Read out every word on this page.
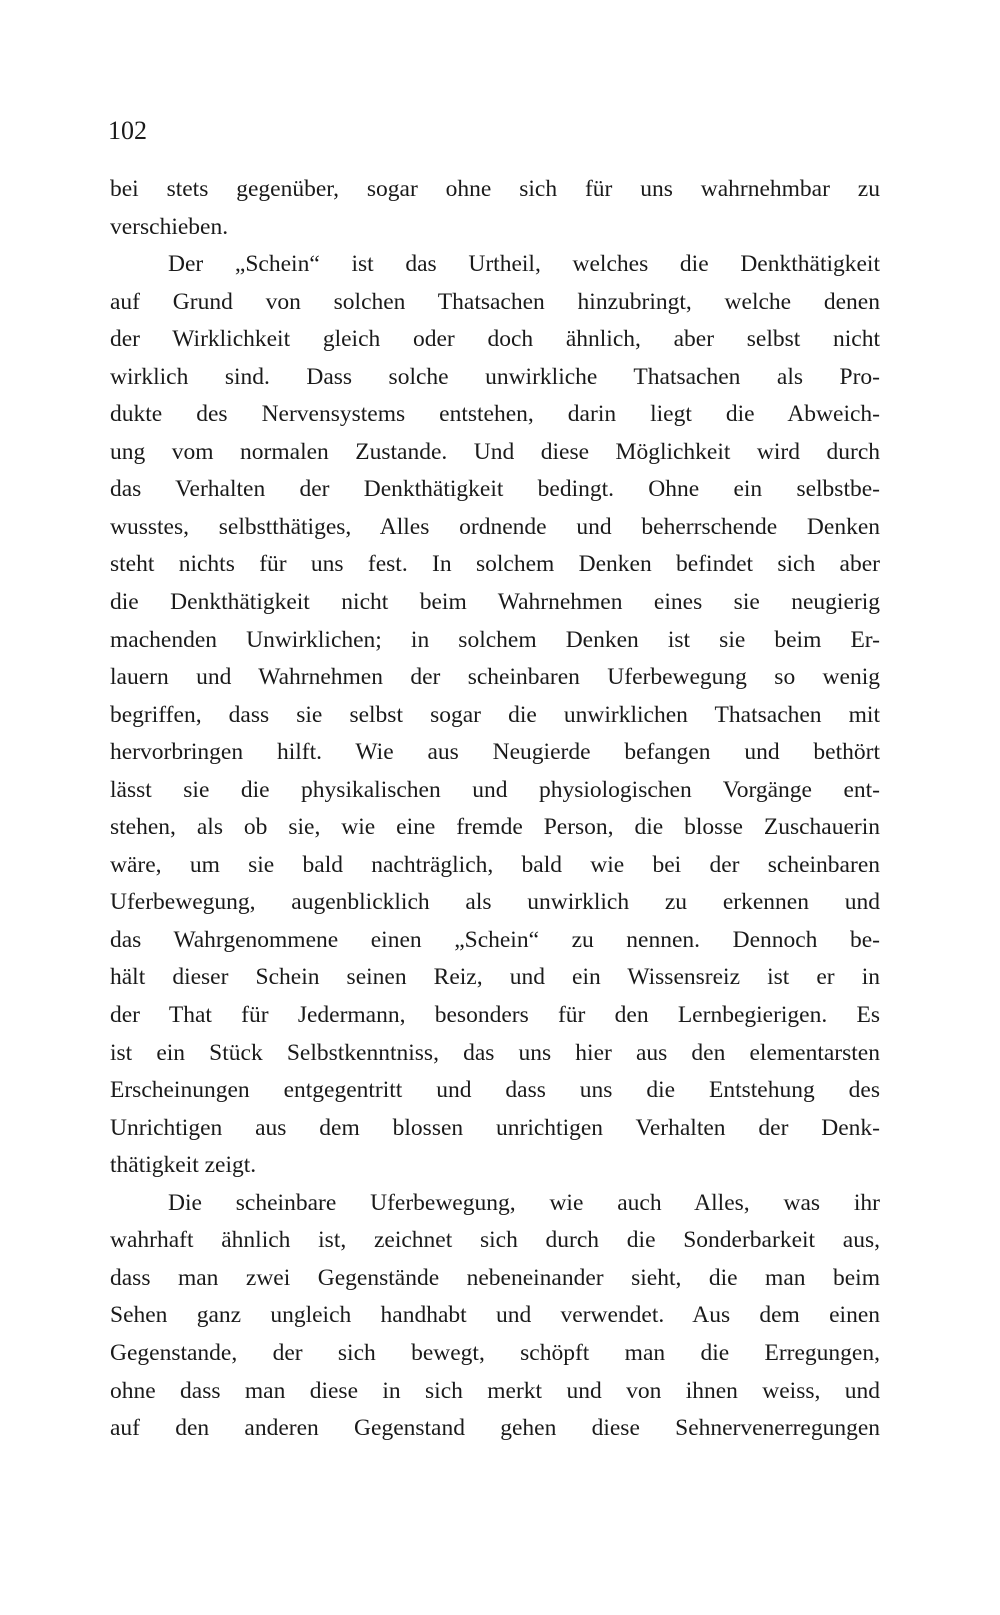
102
bei stets gegenüber, sogar ohne sich für uns wahrnehmbar zu
verschieben.
Der „Schein“ ist das Urtheil, welches die Denkthätigkeit
auf Grund von solchen Thatsachen hinzubringt, welche denen
der Wirklichkeit gleich oder doch ähnlich, aber selbst nicht
wirklich sind. Dass solche unwirkliche Thatsachen als Pro-
dukte des Nervensystems entstehen, darin liegt die Abweich-
ung vom normalen Zustande. Und diese Möglichkeit wird durch
das Verhalten der Denkthätigkeit bedingt. Ohne ein selbstbe-
wusstes, selbstthätiges, Alles ordnende und beherrschende Denken
steht nichts für uns fest. In solchem Denken befindet sich aber
die Denkthätigkeit nicht beim Wahrnehmen eines sie neugierig
machenden Unwirklichen; in solchem Denken ist sie beim Er-
lauern und Wahrnehmen der scheinbaren Uferbewegung so wenig
begriffen, dass sie selbst sogar die unwirklichen Thatsachen mit
hervorbringen hilft. Wie aus Neugierde befangen und bethört
lässt sie die physikalischen und physiologischen Vorgänge ent-
stehen, als ob sie, wie eine fremde Person, die blosse Zuschauerin
wäre, um sie bald nachträglich, bald wie bei der scheinbaren
Uferbewegung, augenblicklich als unwirklich zu erkennen und
das Wahrgenommene einen „Schein“ zu nennen. Dennoch be-
hält dieser Schein seinen Reiz, und ein Wissensreiz ist er in
der That für Jedermann, besonders für den Lernbegierigen. Es
ist ein Stück Selbstkenntniss, das uns hier aus den elementarsten
Erscheinungen entgegentritt und dass uns die Entstehung des
Unrichtigen aus dem blossen unrichtigen Verhalten der Denk-
thätigkeit zeigt.
Die scheinbare Uferbewegung, wie auch Alles, was ihr
wahrhaft ähnlich ist, zeichnet sich durch die Sonderbarkeit aus,
dass man zwei Gegenstände nebeneinander sieht, die man beim
Sehen ganz ungleich handhabt und verwendet. Aus dem einen
Gegenstande, der sich bewegt, schöpft man die Erregungen,
ohne dass man diese in sich merkt und von ihnen weiss, und
auf den anderen Gegenstand gehen diese Sehnervenerregungen
